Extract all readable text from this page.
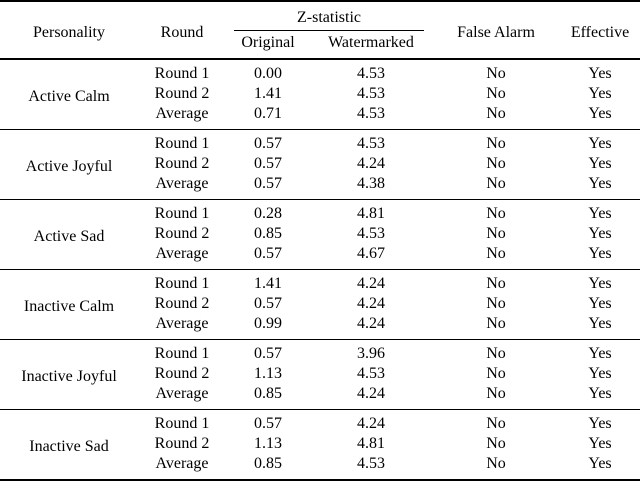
Personality	Round	Z-statistic		False Alarm	Effective
		Original	Watermarked		
Active Calm	Round 1	0.00	4.53	No	Yes
	Round 2	1.41	4.53	No	Yes
	Average	0.71	4.53	No	Yes
Active Joyful	Round 1	0.57	4.53	No	Yes
	Round 2	0.57	4.24	No	Yes
	Average	0.57	4.38	No	Yes
Active Sad	Round 1	0.28	4.81	No	Yes
	Round 2	0.85	4.53	No	Yes
	Average	0.57	4.67	No	Yes
Inactive Calm	Round 1	1.41	4.24	No	Yes
	Round 2	0.57	4.24	No	Yes
	Average	0.99	4.24	No	Yes
Inactive Joyful	Round 1	0.57	3.96	No	Yes
	Round 2	1.13	4.53	No	Yes
	Average	0.85	4.24	No	Yes
Inactive Sad	Round 1	0.57	4.24	No	Yes
	Round 2	1.13	4.81	No	Yes
	Average	0.85	4.53	No	Yes
